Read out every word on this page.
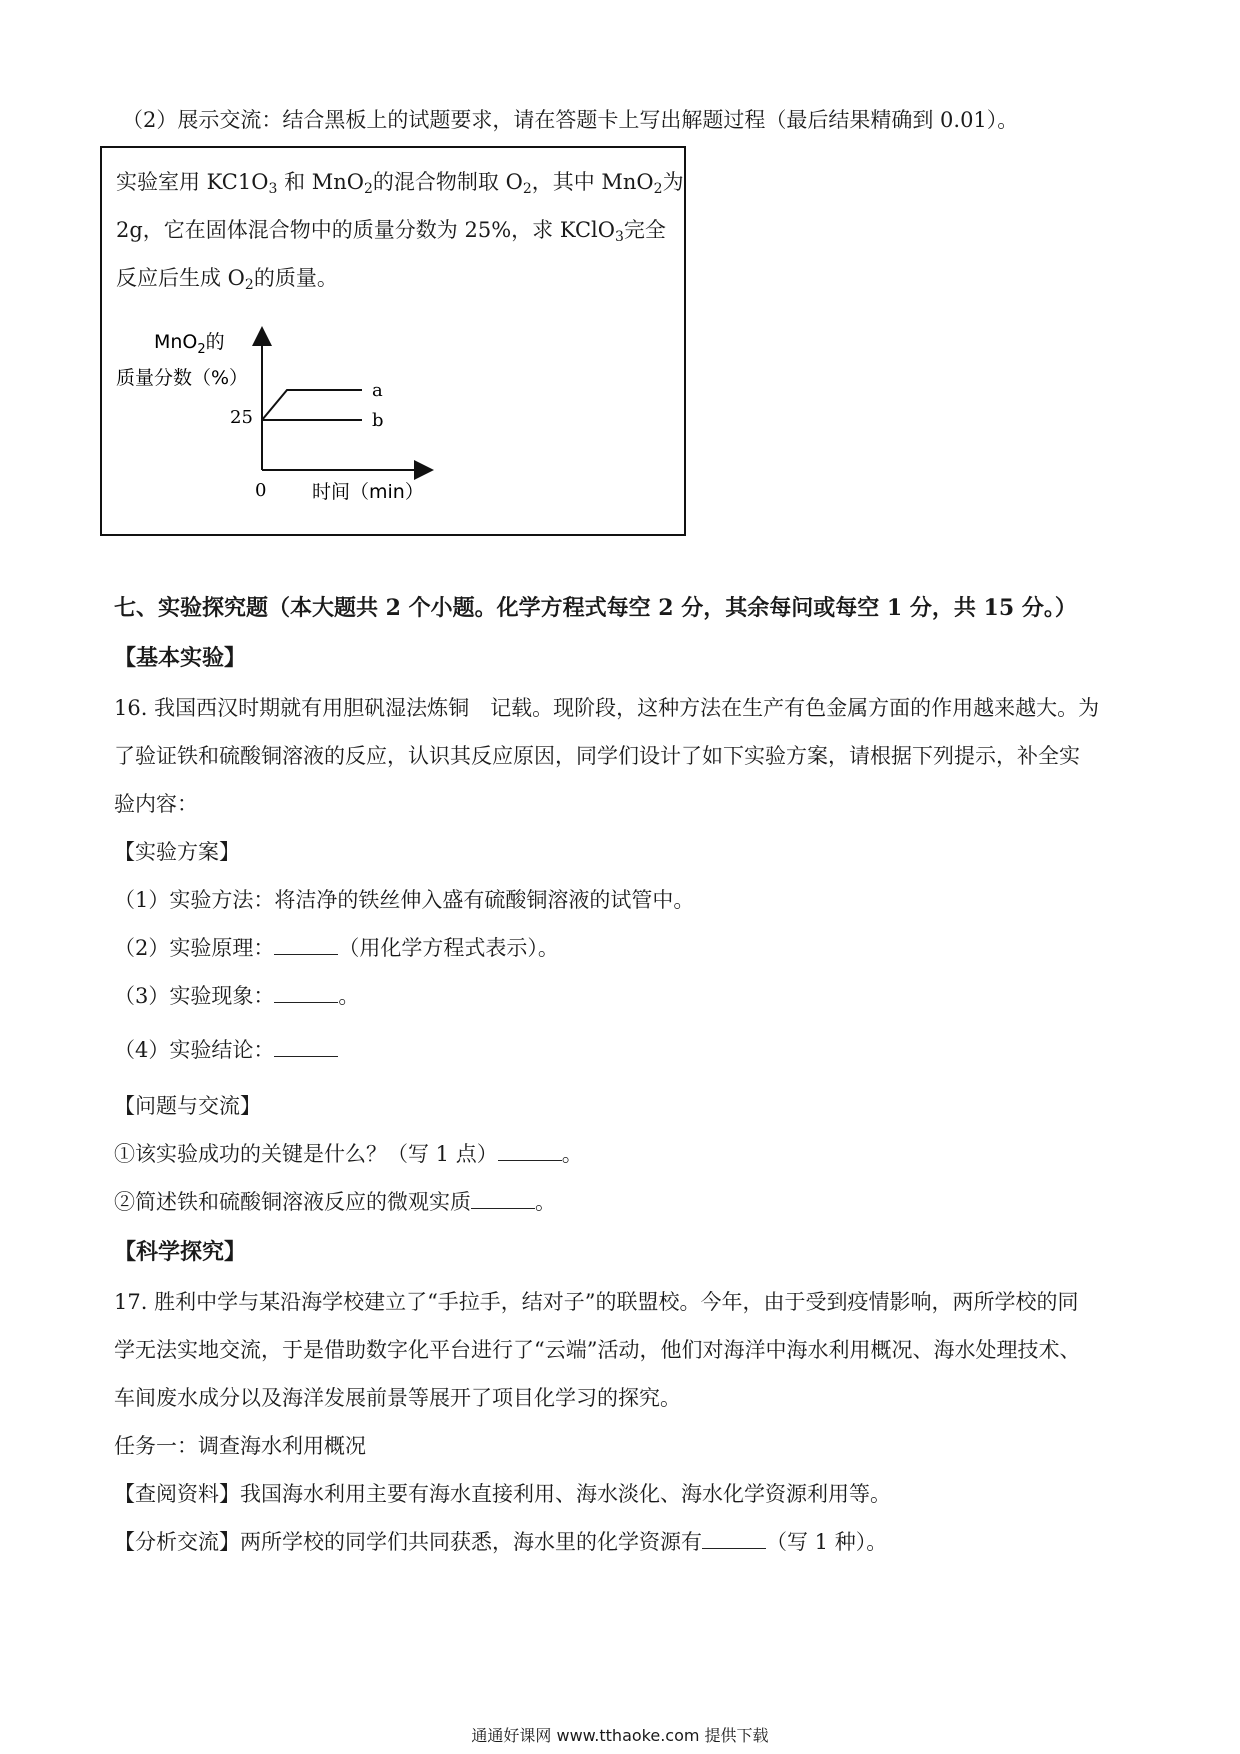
（2）展示交流：结合黑板上的试题要求，请在答题卡上写出解题过程（最后结果精确到 0.01）。
实验室用 $KC1O_3$ 和 MnO$_2$的混合物制取 $O_2$，其中 MnO$_2$为
2g，它在固体混合物中的质量分数为 25%，求 KClO$_3$完全
反应后生成 $O_2$的质量。
MnO$_2$的
质量分数（%）
25
0 时间（min）
a
b
七、实验探究题（本大题共 2 个小题。化学方程式每空 2 分，其余每问或每空 1 分，共 15 分。）
【基本实验】
16. 我国西汉时期就有用胆矾湿法炼铜　记载。现阶段，这种方法在生产有色金属方面的作用越来越大。为
了验证铁和硫酸铜溶液的反应，认识其反应原因，同学们设计了如下实验方案，请根据下列提示，补全实
验内容：
【实验方案】
（1）实验方法：将洁净的铁丝伸入盛有硫酸铜溶液的试管中。
（2）实验原理：	（用化学方程式表示）。
（3）实验现象：	。
（4）实验结论：
【问题与交流】
①该实验成功的关键是什么？（写 1 点）	。
②简述铁和硫酸铜溶液反应的微观实质	。
【科学探究】
17. 胜利中学与某沿海学校建立了“手拉手，结对子”的联盟校。今年，由于受到疫情影响，两所学校的同
学无法实地交流，于是借助数字化平台进行了“云端”活动，他们对海洋中海水利用概况、海水处理技术、
车间废水成分以及海洋发展前景等展开了项目化学习的探究。
任务一：调查海水利用概况
【查阅资料】我国海水利用主要有海水直接利用、海水淡化、海水化学资源利用等。
【分析交流】两所学校的同学们共同获悉，海水里的化学资源有	（写 1 种）。
通通好课网 www.tthaoke.com 提供下载
